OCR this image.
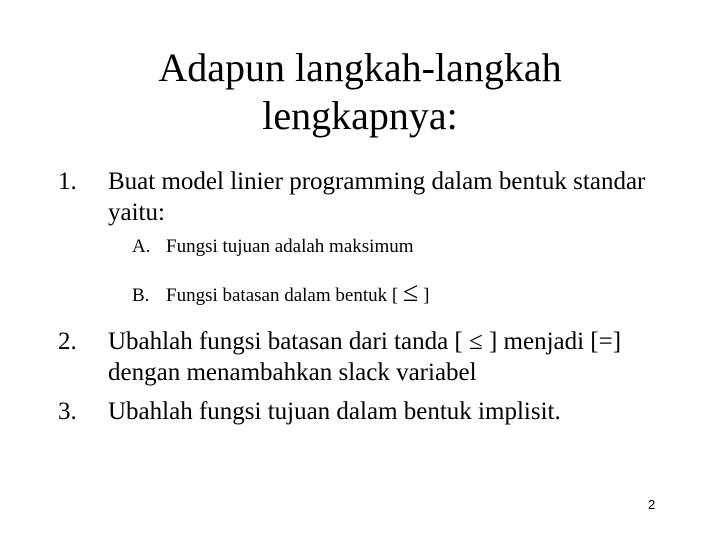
Adapun langkah-langkah
lengkapnya:
1. Buat model linier programming dalam bentuk standar yaitu:
A. Fungsi tujuan adalah maksimum
B. Fungsi batasan dalam bentuk [ ≤ ]
2. Ubahlah fungsi batasan dari tanda [ ≤ ] menjadi [=] dengan menambahkan slack variabel
3. Ubahlah fungsi tujuan dalam bentuk implisit.
2
